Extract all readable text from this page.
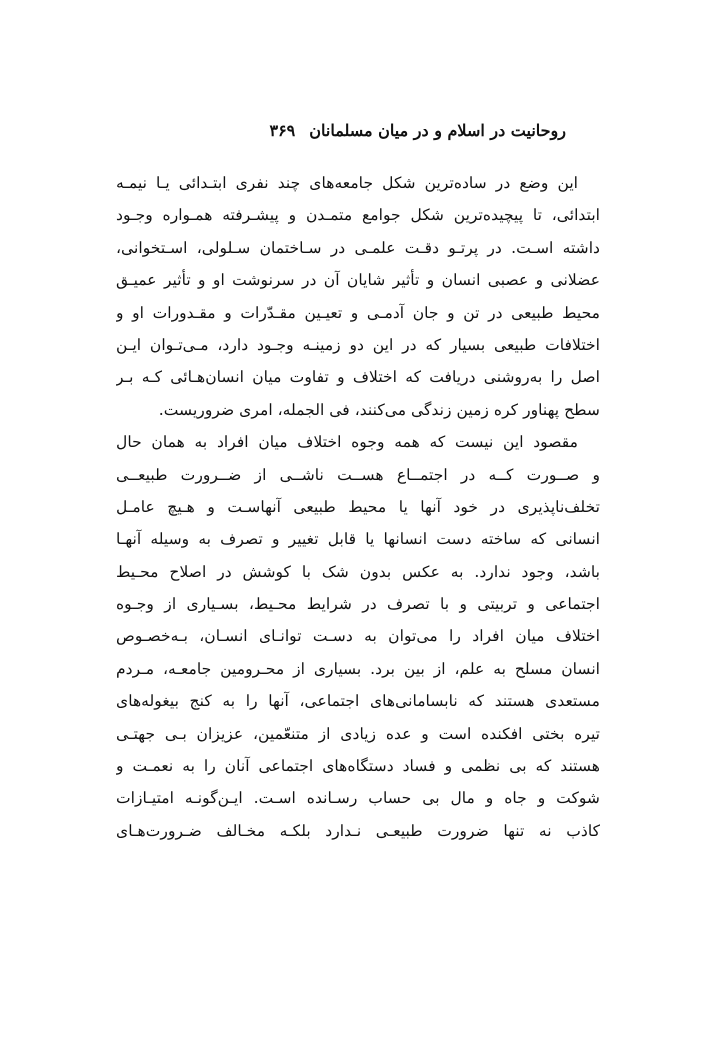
روحانیت در اسلام و در میان مسلمانان۳۶۹
این وضع در ساده‌ترین شکل جامعه‌های چند نفری ابتـدائی یـا نیمـه
ابتدائی، تا پیچیده‌ترین شکل جوامع متمـدن و پیشـرفته همـواره وجـود
داشته اسـت. در پرتـو دقـت علمـی در سـاختمان سـلولی، اسـتخوانی،
عضلانی و عصبی انسان و تأثیر شایان آن در سرنوشت او و تأثیر عمیـق
محیط طبیعی در تن و جان آدمـی و تعیـین مقـدّرات و مقـدورات او و
اختلافات طبیعی بسیار که در این دو زمینـه وجـود دارد، مـی‌تـوان ایـن
اصل را به‌روشنی دریافت که اختلاف و تفاوت میان انسان‌هـائی کـه بـر
سطح پهناور کره زمین زندگی می‌کنند، فی الجمله، امری ضروریست.
مقصود این نیست که همه وجوه اختلاف میان افراد به همان حال
و صــورت کــه در اجتمــاع هســت ناشــی از ضــرورت طبیعــی
تخلف‌ناپذیری در خود آنها یا محیط طبیعی آنهاسـت و هـیچ عامـل
انسانی که ساخته دست انسانها یا قابل تغییر و تصرف به وسیله آنهـا
باشد، وجود ندارد. به عکس بدون شک با کوشش در اصلاح محـیط
اجتماعی و تربیتی و با تصرف در شرایط محـیط، بسـیاری از وجـوه
اختلاف میان افراد را می‌توان به دسـت توانـای انسـان، بـه‌خصـوص
انسان مسلح به علم، از بین برد. بسیاری از محـرومین جامعـه، مـردم
مستعدی هستند که نابسامانی‌های اجتماعی، آنها را به کنج بیغوله‌های
تیره بختی افکنده است و عده زیادی از متنعّمین، عزیزان بـی جهتـی
هستند که بی نظمی و فساد دستگاه‌های اجتماعی آنان را به نعمـت و
شوکت و جاه و مال بی حساب رسـانده اسـت. ایـن‌گونـه امتیـازات
کاذب نه تنها ضرورت طبیعـی نـدارد بلکـه مخـالف ضـرورت‌هـای
